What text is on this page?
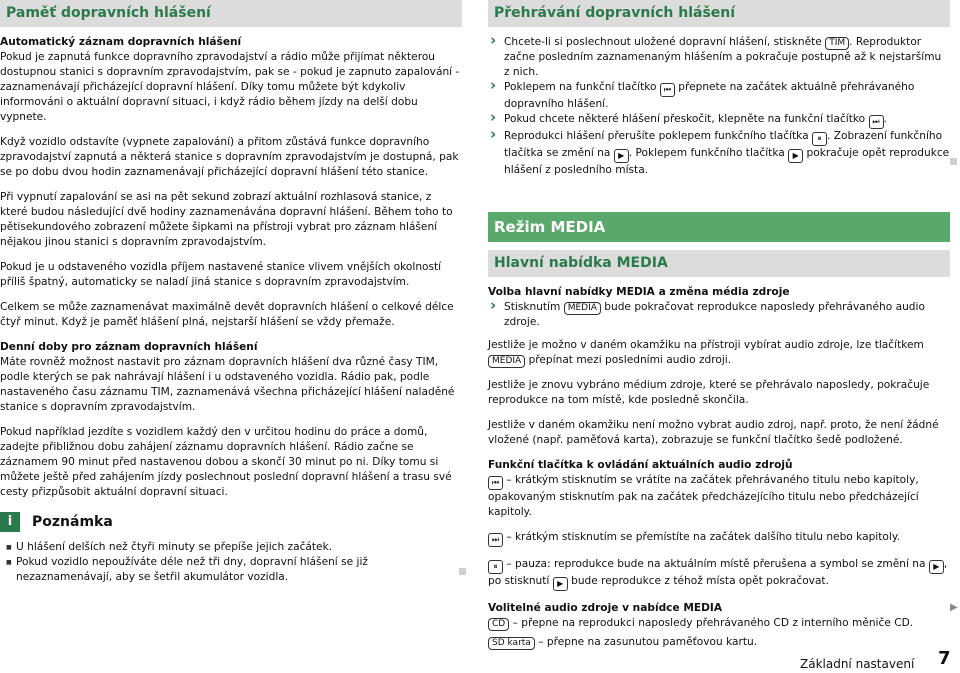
Paměť dopravních hlášení
Automatický záznam dopravních hlášení

Pokud je zapnutá funkce dopravního zpravodajství a rádio může přijímat některou dostupnou stanici s dopravním zpravodajstvím, pak se - pokud je zapnuto zapalování - zaznamenávají přicházející dopravní hlášení. Díky tomu můžete být kdykoliv informováni o aktuální dopravní situaci, i když rádio během jízdy na delší dobu vypnete.

Když vozidlo odstavíte (vypnete zapalování) a přitom zůstává funkce dopravního zpravodajství zapnutá a některá stanice s dopravním zpravodajstvím je dostupná, pak se po dobu dvou hodin zaznamenávají přicházející dopravní hlášení této stanice.

Při vypnutí zapalování se asi na pět sekund zobrazí aktuální rozhlasová stanice, z které budou následující dvě hodiny zaznamenávána dopravní hlášení. Během toho to pětisekundového zobrazení můžete šipkami na přístroji vybrat pro záznam hlášení nějakou jinou stanici s dopravním zpravodajstvím.

Pokud je u odstaveného vozidla příjem nastavené stanice vlivem vnějších okolností příliš špatný, automaticky se naladí jiná stanice s dopravním zpravodajstvím.

Celkem se může zaznamenávat maximálně devět dopravních hlášení o celkové délce čtyř minut. Když je paměť hlášení plná, nejstarší hlášení se vždy přemaže.

Denní doby pro záznam dopravních hlášení

Máte rovněž možnost nastavit pro záznam dopravních hlášení dva různé časy TIM, podle kterých se pak nahrávají hlášení i u odstaveného vozidla. Rádio pak, podle nastaveného času záznamu TIM, zaznamenává všechna přicházející hlášení naladěné stanice s dopravním zpravodajstvím.

Pokud například jezdíte s vozidlem každý den v určitou hodinu do práce a domů, zadejte přibližnou dobu zahájení záznamu dopravních hlášení. Rádio začne se záznamem 90 minut před nastavenou dobou a skončí 30 minut po ni. Díky tomu si můžete ještě před zahájením jízdy poslechnout poslední dopravní hlášení a trasu své cesty přizpůsobit aktuální dopravní situaci.

i	Poznámka
■ U hlášení delších než čtyři minuty se přepíše jejich začátek.
■ Pokud vozidlo nepoužíváte déle než tři dny, dopravní hlášení se již nezaznamenávají, aby se šetřil akumulátor vozidla.
Přehrávání dopravních hlášení
› Chcete-li si poslechnout uložené dopravní hlášení, stiskněte TIM . Reproduktor začne posledním zaznamenaným hlášením a pokračuje postupně až k nejstaršímu z nich.
› Poklepem na funkční tlačítko ⏮ přepnete na začátek aktuálně přehrávaného dopravního hlášení.
› Pokud chcete některé hlášení přeskočit, klepněte na funkční tlačítko ⏭ .
› Reprodukci hlášení přerušíte poklepem funkčního tlačítka ⏸ . Zobrazení funkčního tlačítka se změní na ▶ . Poklepem funkčního tlačítka ▶ pokračuje opět reprodukce hlášení z posledního místa.
Režim MEDIA
Hlavní nabídka MEDIA
Volba hlavní nabídky MEDIA a změna média zdroje
› Stisknutím MEDIA bude pokračovat reprodukce naposledy přehrávaného audio zdroje.

Jestliže je možno v daném okamžiku na přístroji vybírat audio zdroje, lze tlačítkem MEDIA přepínat mezi posledními audio zdroji.

Jestliže je znovu vybráno médium zdroje, které se přehrávalo naposledy, pokračuje reprodukce na tom místě, kde posledně skončila.

Jestliže v daném okamžiku není možno vybrat audio zdroj, např. proto, že není žádné vložené (např. paměťová karta), zobrazuje se funkční tlačítko šedě podložené.

Funkční tlačítka k ovládání aktuálních audio zdrojů

⏮ – krátkým stisknutím se vrátíte na začátek přehrávaného titulu nebo kapitoly, opakovaným stisknutím pak na začátek předcházejícího titulu nebo předcházející kapitoly.

⏭ – krátkým stisknutím se přemístíte na začátek dalšího titulu nebo kapitoly.

⏸ – pauza: reprodukce bude na aktuálním místě přerušena a symbol se změní na ▶ , po stisknutí ▶ bude reprodukce z téhož místa opět pokračovat.

Volitelné audio zdroje v nabídce MEDIA
CD – přepne na reprodukci naposledy přehrávaného CD z interního měniče CD.
SD karta – přepne na zasunutou paměťovou kartu.
▶
Základní nastavení 7
